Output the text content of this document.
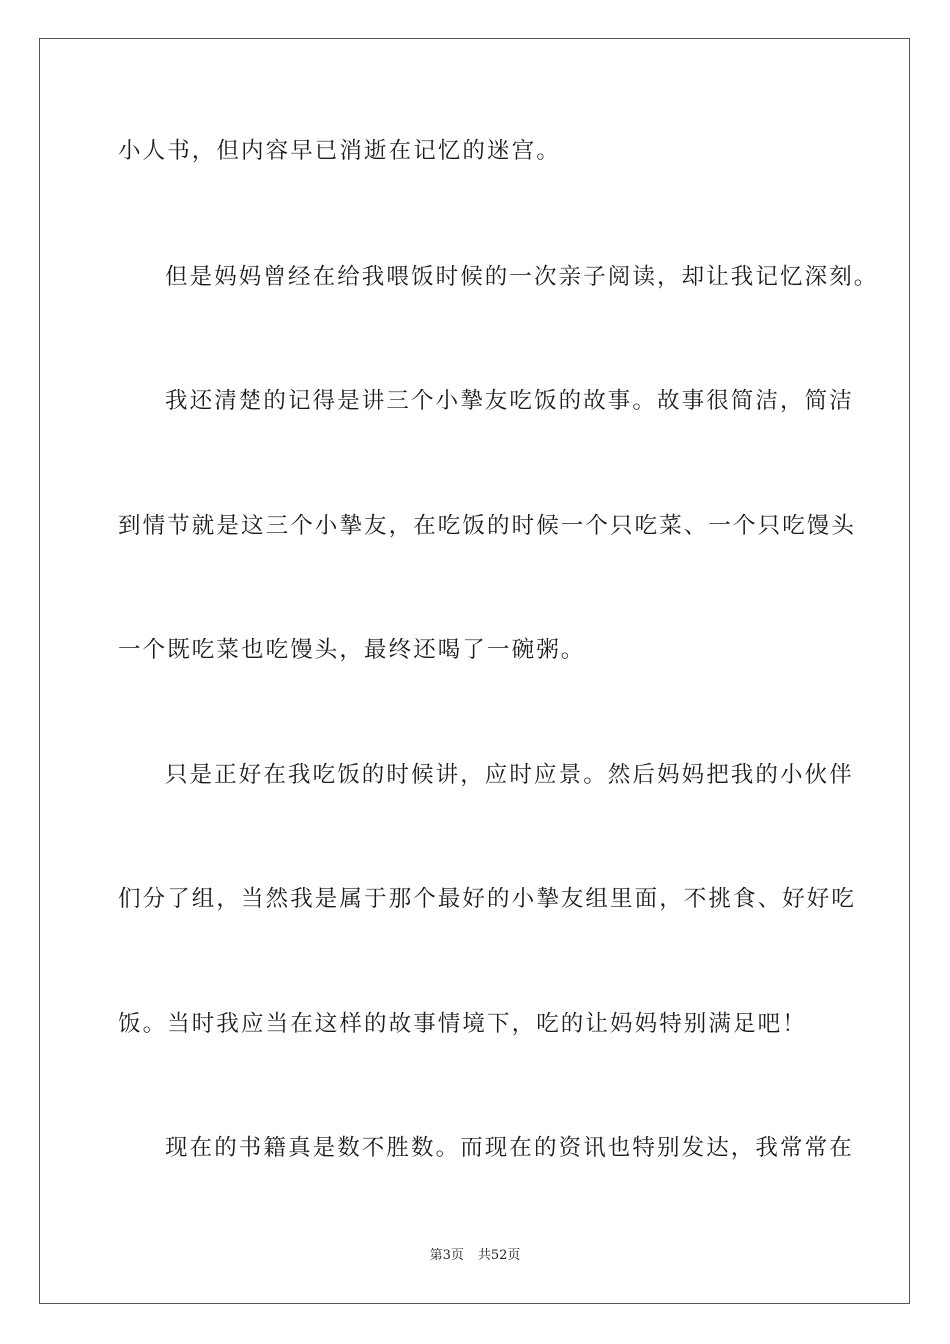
小人书，但内容早已消逝在记忆的迷宫。
但是妈妈曾经在给我喂饭时候的一次亲子阅读，却让我记忆深刻。
我还清楚的记得是讲三个小摯友吃饭的故事。故事很简洁，简洁
到情节就是这三个小摯友，在吃饭的时候一个只吃菜、一个只吃馒头
一个既吃菜也吃馒头，最终还喝了一碗粥。
只是正好在我吃饭的时候讲，应时应景。然后妈妈把我的小伙伴
们分了组，当然我是属于那个最好的小摯友组里面，不挑食、好好吃
饭。当时我应当在这样的故事情境下，吃的让妈妈特别满足吧！
现在的书籍真是数不胜数。而现在的资讯也特别发达，我常常在
第3页 共52页
